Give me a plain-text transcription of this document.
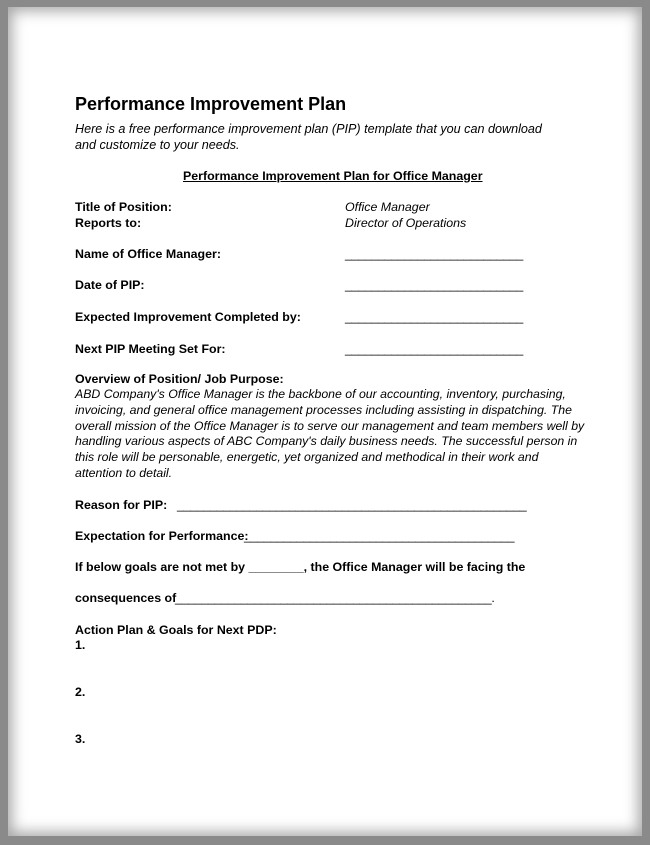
Performance Improvement Plan
Here is a free performance improvement plan (PIP) template that you can download and customize to your needs.
Performance Improvement Plan for Office Manager
Title of Position:	Office Manager
Reports to:	Director of Operations
Name of Office Manager:	___________________________
Date of PIP:	___________________________
Expected Improvement Completed by:	___________________________
Next PIP Meeting Set For:	___________________________
Overview of Position/ Job Purpose:
ABD Company's Office Manager is the backbone of our accounting, inventory, purchasing, invoicing, and general office management processes including assisting in dispatching. The overall mission of the Office Manager is to serve our management and team members well by handling various aspects of ABC Company's daily business needs. The successful person in this role will be personable, energetic, yet organized and methodical in their work and attention to detail.
Reason for PIP: _____________________________________________________
Expectation for Performance:
_________________________________________
If below goals are not met by ________, the Office Manager will be facing the
consequences of
________________________________________________.
Action Plan & Goals for Next PDP:
1.
2.
3.
